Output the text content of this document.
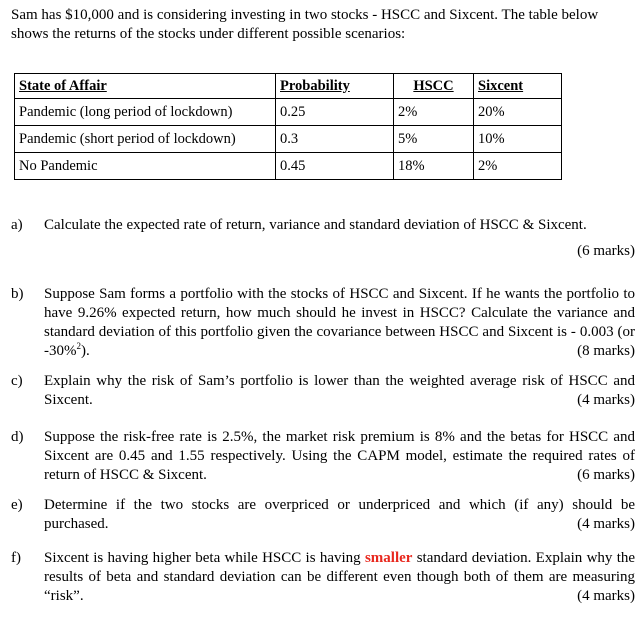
Sam has $10,000 and is considering investing in two stocks - HSCC and Sixcent. The table below shows the returns of the stocks under different possible scenarios:

State of Affair	Probability	HSCC	Sixcent
Pandemic (long period of lockdown)	0.25	2%	20%
Pandemic (short period of lockdown)	0.3	5%	10%
No Pandemic	0.45	18%	2%
a)	Calculate the expected rate of return, variance and standard deviation of HSCC & Sixcent.
(6 marks)
b)	Suppose Sam forms a portfolio with the stocks of HSCC and Sixcent. If he wants the portfolio to have 9.26% expected return, how much should he invest in HSCC? Calculate the variance and standard deviation of this portfolio given the covariance between HSCC and Sixcent is - 0.003 (or -30%$^2$).	(8 marks)
c)	Explain why the risk of Sam’s portfolio is lower than the weighted average risk of HSCC and Sixcent.	(4 marks)
d)	Suppose the risk-free rate is 2.5%, the market risk premium is 8% and the betas for HSCC and Sixcent are 0.45 and 1.55 respectively. Using the CAPM model, estimate the required rates of return of HSCC & Sixcent.	(6 marks)
e)	Determine if the two stocks are overpriced or underpriced and which (if any) should be purchased.	(4 marks)
f)	Sixcent is having higher beta while HSCC is having smaller standard deviation. Explain why the results of beta and standard deviation can be different even though both of them are measuring “risk”.	(4 marks)
